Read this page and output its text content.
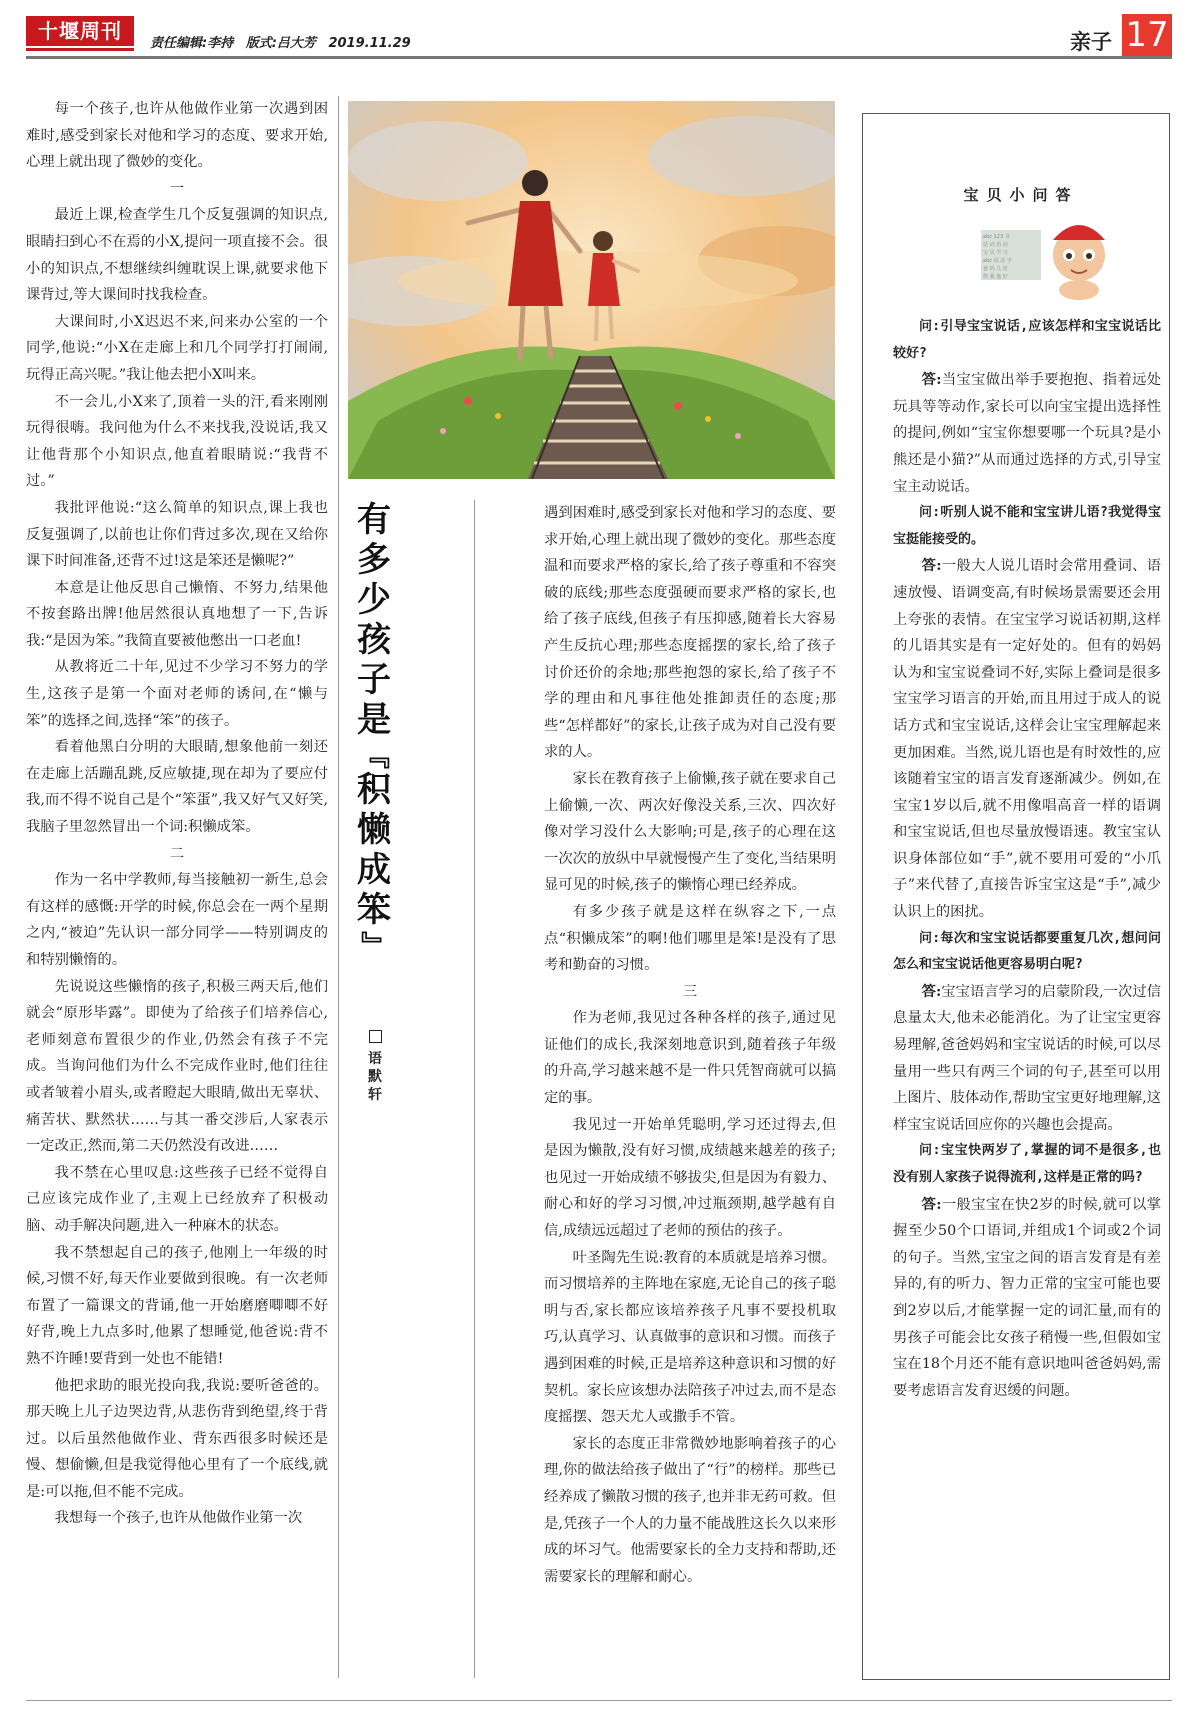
十堰周刊
责任编辑:李持 版式:吕大芳 2019.11.29	亲子 17

每一个孩子,也许从他做作业第一次遇到困难时,感受到家长对他和学习的态度、要求开始,心理上就出现了微妙的变化。

一

最近上课,检查学生几个反复强调的知识点,眼睛扫到心不在焉的小X,提问一项直接不会。很小的知识点,不想继续纠缠耽误上课,就要求他下课背过,等大课间时找我检查。

大课间时,小X迟迟不来,问来办公室的一个同学,他说:“小X在走廊上和几个同学打打闹闹,玩得正高兴呢。”我让他去把小X叫来。

不一会儿,小X来了,顶着一头的汗,看来刚刚玩得很嗨。我问他为什么不来找我,没说话,我又让他背那个小知识点,他直着眼睛说:“我背不过。”

我批评他说:“这么简单的知识点,课上我也反复强调了,以前也让你们背过多次,现在又给你课下时间准备,还背不过!这是笨还是懒呢?”

本意是让他反思自己懒惰、不努力,结果他不按套路出牌!他居然很认真地想了一下,告诉我:“是因为笨。”我简直要被他憋出一口老血!

从教将近二十年,见过不少学习不努力的学生,这孩子是第一个面对老师的诱问,在“懒与笨”的选择之间,选择“笨”的孩子。

看着他黑白分明的大眼睛,想象他前一刻还在走廊上活蹦乱跳,反应敏捷,现在却为了要应付我,而不得不说自己是个“笨蛋”,我又好气又好笑,我脑子里忽然冒出一个词:积懒成笨。

二

作为一名中学教师,每当接触初一新生,总会有这样的感慨:开学的时候,你总会在一两个星期之内,“被迫”先认识一部分同学——特别调皮的和特别懒惰的。

先说说这些懒惰的孩子,积极三两天后,他们就会“原形毕露”。即使为了给孩子们培养信心,老师刻意布置很少的作业,仍然会有孩子不完成。当询问他们为什么不完成作业时,他们往往或者皱着小眉头,或者瞪起大眼睛,做出无辜状、痛苦状、默然状……与其一番交涉后,人家表示一定改正,然而,第二天仍然没有改进……

我不禁在心里叹息:这些孩子已经不觉得自己应该完成作业了,主观上已经放弃了积极动脑、动手解决问题,进入一种麻木的状态。

我不禁想起自己的孩子,他刚上一年级的时候,习惯不好,每天作业要做到很晚。有一次老师布置了一篇课文的背诵,他一开始磨磨唧唧不好好背,晚上九点多时,他累了想睡觉,他爸说:背不熟不许睡!要背到一处也不能错!

他把求助的眼光投向我,我说:要听爸爸的。那天晚上儿子边哭边背,从悲伤背到绝望,终于背过。以后虽然他做作业、背东西很多时候还是慢、想偷懒,但是我觉得他心里有了一个底线,就是:可以拖,但不能不完成。

我想每一个孩子,也许从他做作业第一次

有
多
少
孩
子
是
『
积
懒
成
笨
』
语
默
轩

遇到困难时,感受到家长对他和学习的态度、要求开始,心理上就出现了微妙的变化。那些态度温和而要求严格的家长,给了孩子尊重和不容突破的底线;那些态度强硬而要求严格的家长,也给了孩子底线,但孩子有压抑感,随着长大容易产生反抗心理;那些态度摇摆的家长,给了孩子讨价还价的余地;那些抱怨的家长,给了孩子不学的理由和凡事往他处推卸责任的态度;那些“怎样都好”的家长,让孩子成为对自己没有要求的人。

家长在教育孩子上偷懒,孩子就在要求自己上偷懒,一次、两次好像没关系,三次、四次好像对学习没什么大影响;可是,孩子的心理在这一次次的放纵中早就慢慢产生了变化,当结果明显可见的时候,孩子的懒惰心理已经养成。

有多少孩子就是这样在纵容之下,一点点“积懒成笨”的啊!他们哪里是笨!是没有了思考和勤奋的习惯。

三

作为老师,我见过各种各样的孩子,通过见证他们的成长,我深刻地意识到,随着孩子年级的升高,学习越来越不是一件只凭智商就可以搞定的事。

我见过一开始单凭聪明,学习还过得去,但是因为懒散,没有好习惯,成绩越来越差的孩子;也见过一开始成绩不够拔尖,但是因为有毅力、耐心和好的学习习惯,冲过瓶颈期,越学越有自信,成绩远远超过了老师的预估的孩子。

叶圣陶先生说:教育的本质就是培养习惯。而习惯培养的主阵地在家庭,无论自己的孩子聪明与否,家长都应该培养孩子凡事不要投机取巧,认真学习、认真做事的意识和习惯。而孩子遇到困难的时候,正是培养这种意识和习惯的好契机。家长应该想办法陪孩子冲过去,而不是态度摇摆、怨天尤人或撒手不管。

家长的态度正非常微妙地影响着孩子的心理,你的做法给孩子做出了“行”的榜样。那些已经养成了懒散习惯的孩子,也并非无药可救。但是,凭孩子一个人的力量不能战胜这长久以来形成的坏习气。他需要家长的全力支持和帮助,还需要家长的理解和耐心。

abc 123 书
话 词 语 问
宝 贝 学 习
abc 说 话 字
爸 妈 儿 语
你 我 他 好
宝贝小问答

问:引导宝宝说话,应该怎样和宝宝说话比较好?

答:当宝宝做出举手要抱抱、指着远处玩具等等动作,家长可以向宝宝提出选择性的提问,例如“宝宝你想要哪一个玩具?是小熊还是小猫?”从而通过选择的方式,引导宝宝主动说话。

问:听别人说不能和宝宝讲儿语?我觉得宝宝挺能接受的。

答:一般大人说儿语时会常用叠词、语速放慢、语调变高,有时候场景需要还会用上夸张的表情。在宝宝学习说话初期,这样的儿语其实是有一定好处的。但有的妈妈认为和宝宝说叠词不好,实际上叠词是很多宝宝学习语言的开始,而且用过于成人的说话方式和宝宝说话,这样会让宝宝理解起来更加困难。当然,说儿语也是有时效性的,应该随着宝宝的语言发育逐渐减少。例如,在宝宝1岁以后,就不用像唱高音一样的语调和宝宝说话,但也尽量放慢语速。教宝宝认识身体部位如“手”,就不要用可爱的“小爪子”来代替了,直接告诉宝宝这是“手”,减少认识上的困扰。

问:每次和宝宝说话都要重复几次,想问问怎么和宝宝说话他更容易明白呢?

答:宝宝语言学习的启蒙阶段,一次过信息量太大,他未必能消化。为了让宝宝更容易理解,爸爸妈妈和宝宝说话的时候,可以尽量用一些只有两三个词的句子,甚至可以用上图片、肢体动作,帮助宝宝更好地理解,这样宝宝说话回应你的兴趣也会提高。

问:宝宝快两岁了,掌握的词不是很多,也没有别人家孩子说得流利,这样是正常的吗?

答:一般宝宝在快2岁的时候,就可以掌握至少50个口语词,并组成1个词或2个词的句子。当然,宝宝之间的语言发育是有差异的,有的听力、智力正常的宝宝可能也要到2岁以后,才能掌握一定的词汇量,而有的男孩子可能会比女孩子稍慢一些,但假如宝宝在18个月还不能有意识地叫爸爸妈妈,需要考虑语言发育迟缓的问题。
